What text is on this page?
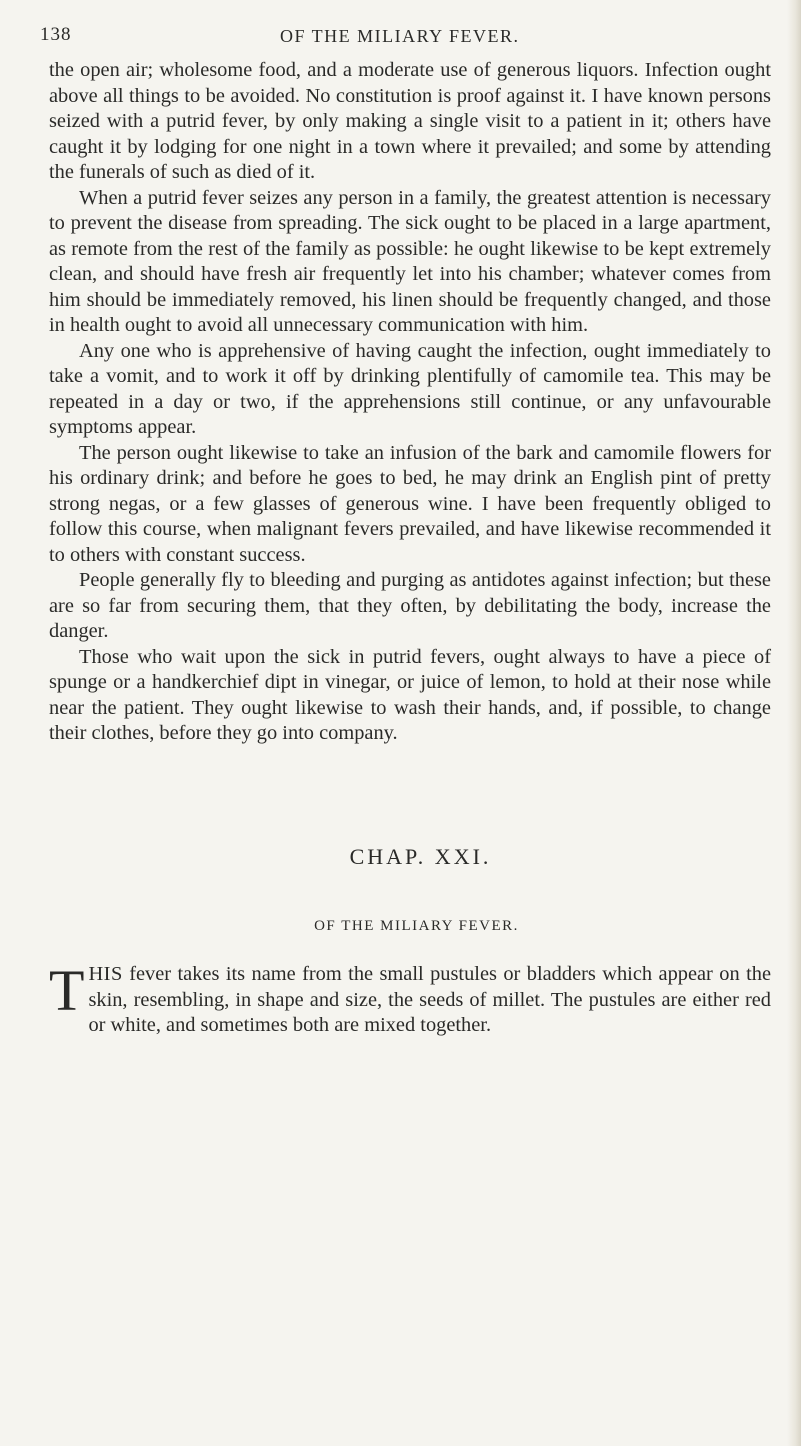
138	OF THE MILIARY FEVER.

the open air; wholesome food, and a moderate use of generous liquors. Infection ought above all things to be avoided. No constitution is proof against it. I have known persons seized with a putrid fever, by only making a single visit to a patient in it; others have caught it by lodging for one night in a town where it prevailed; and some by attending the funerals of such as died of it.

When a putrid fever seizes any person in a family, the greatest attention is necessary to prevent the disease from spreading. The sick ought to be placed in a large apartment, as remote from the rest of the family as possible: he ought likewise to be kept extremely clean, and should have fresh air frequently let into his chamber; whatever comes from him should be immediately removed, his linen should be frequently changed, and those in health ought to avoid all unnecessary communication with him.

Any one who is apprehensive of having caught the infection, ought immediately to take a vomit, and to work it off by drinking plentifully of camomile tea. This may be repeated in a day or two, if the apprehensions still continue, or any unfavourable symptoms appear.

The person ought likewise to take an infusion of the bark and camomile flowers for his ordinary drink; and before he goes to bed, he may drink an English pint of pretty strong negas, or a few glasses of generous wine. I have been frequently obliged to follow this course, when malignant fevers prevailed, and have likewise recommended it to others with constant success.

People generally fly to bleeding and purging as antidotes against infection; but these are so far from securing them, that they often, by debilitating the body, increase the danger.

Those who wait upon the sick in putrid fevers, ought always to have a piece of spunge or a handkerchief dipt in vinegar, or juice of lemon, to hold at their nose while near the patient. They ought likewise to wash their hands, and, if possible, to change their clothes, before they go into company.

CHAP. XXI.
OF THE MILIARY FEVER.
THIS fever takes its name from the small pustules or bladders which appear on the skin, resembling, in shape and size, the seeds of millet. The pustules are either red or white, and sometimes both are mixed together.
